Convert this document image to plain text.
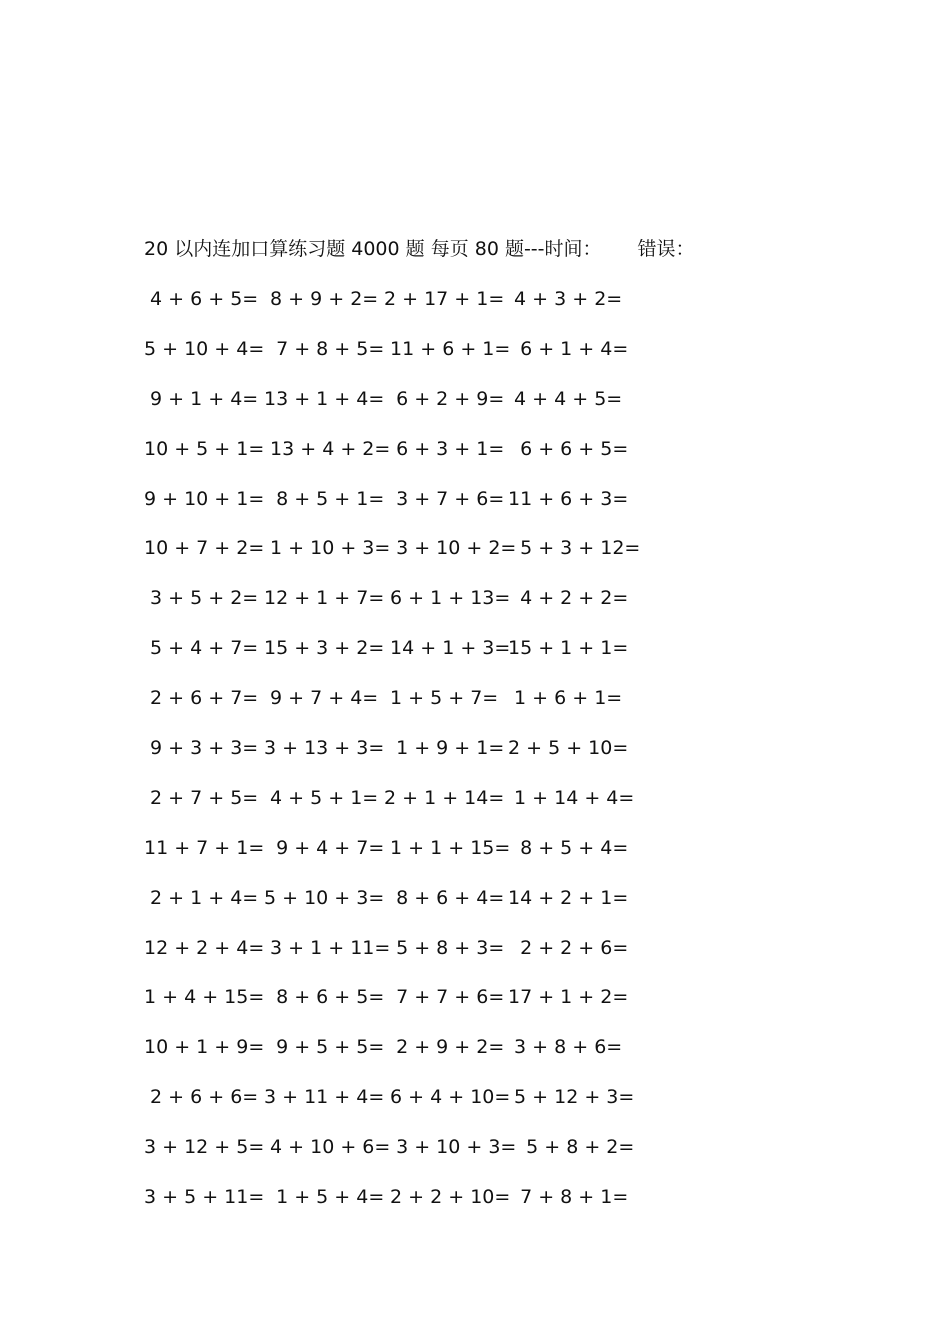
20 以内连加口算练习题 4000 题 每页 80 题---时间： 错误：
4 + 6 + 5= 8 + 9 + 2= 2 + 17 + 1= 4 + 3 + 2=
5 + 10 + 4= 7 + 8 + 5= 11 + 6 + 1=
6 + 1 + 4=
9 + 1 + 4= 13 + 1 + 4= 6 + 2 + 9= 4 + 4 + 5=
10 + 5 + 1= 13 + 4 + 2=
6 + 3 + 1= 6 + 6 + 5=
9 + 10 + 1= 8 + 5 + 1= 3 + 7 + 6= 11 + 6 + 3=
10 + 7 + 2= 1 + 10 + 3=
3 + 10 + 2=
5 + 3 + 12=
3 + 5 + 2= 12 + 1 + 7= 6 + 1 + 13=
4 + 2 + 2=
5 + 4 + 7= 15 + 3 + 2= 14 + 1 + 3=
15 + 1 + 1=
2 + 6 + 7= 9 + 7 + 4= 1 + 5 + 7= 1 + 6 + 1=
9 + 3 + 3= 3 + 13 + 3= 1 + 9 + 1= 2 + 5 + 10=
2 + 7 + 5= 4 + 5 + 1= 2 + 1 + 14= 1 + 14 + 4=
11 + 7 + 1= 9 + 4 + 7= 1 + 1 + 15=
8 + 5 + 4=
2 + 1 + 4= 5 + 10 + 3= 8 + 6 + 4= 14 + 2 + 1=
12 + 2 + 4= 3 + 1 + 11=
5 + 8 + 3= 2 + 2 + 6=
1 + 4 + 15= 8 + 6 + 5= 7 + 7 + 6= 17 + 1 + 2=
10 + 1 + 9= 9 + 5 + 5= 2 + 9 + 2= 3 + 8 + 6=
2 + 6 + 6= 3 + 11 + 4= 6 + 4 + 10=
5 + 12 + 3=
3 + 12 + 5= 4 + 10 + 6=
3 + 10 + 3=
5 + 8 + 2=
3 + 5 + 11= 1 + 5 + 4= 2 + 2 + 10=
7 + 8 + 1=
